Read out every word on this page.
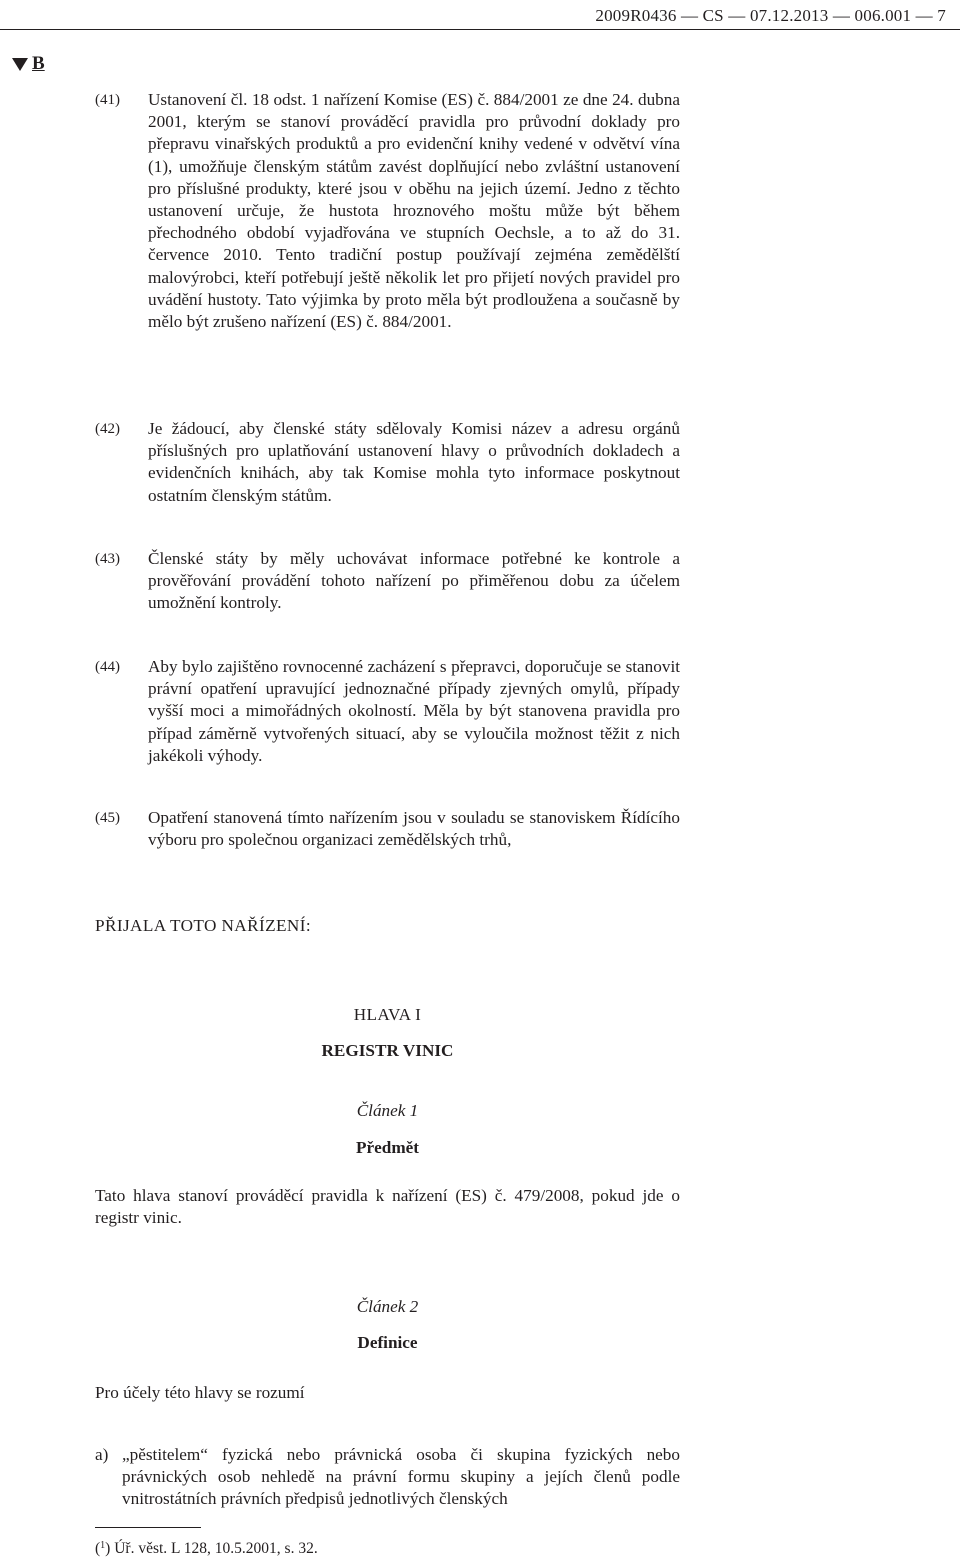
2009R0436 — CS — 07.12.2013 — 006.001 — 7
B
(41)	Ustanovení čl. 18 odst. 1 nařízení Komise (ES) č. 884/2001 ze dne 24. dubna 2001, kterým se stanoví prováděcí pravidla pro průvodní doklady pro přepravu vinařských produktů a pro evidenční knihy vedené v odvětví vína (1), umožňuje členským státům zavést doplňující nebo zvláštní ustanovení pro příslušné produkty, které jsou v oběhu na jejich území. Jedno z těchto ustanovení určuje, že hustota hroznového moštu může být během přechodného období vyjadřována ve stupních Oechsle, a to až do 31. července 2010. Tento tradiční postup používají zejména zemědělští malovýrobci, kteří potřebují ještě několik let pro přijetí nových pravidel pro uvádění hustoty. Tato výjimka by proto měla být prodloužena a současně by mělo být zrušeno nařízení (ES) č. 884/2001.
(42)	Je žádoucí, aby členské státy sdělovaly Komisi název a adresu orgánů příslušných pro uplatňování ustanovení hlavy o průvodních dokladech a evidenčních knihách, aby tak Komise mohla tyto informace poskytnout ostatním členským státům.
(43)	Členské státy by měly uchovávat informace potřebné ke kontrole a prověřování provádění tohoto nařízení po přiměřenou dobu za účelem umožnění kontroly.
(44)	Aby bylo zajištěno rovnocenné zacházení s přepravci, doporučuje se stanovit právní opatření upravující jednoznačné případy zjevných omylů, případy vyšší moci a mimořádných okolností. Měla by být stanovena pravidla pro případ záměrně vytvořených situací, aby se vyloučila možnost těžit z nich jakékoli výhody.
(45)	Opatření stanovená tímto nařízením jsou v souladu se stanoviskem Řídícího výboru pro společnou organizaci zemědělských trhů,
PŘIJALA TOTO NAŘÍZENÍ:
HLAVA I
REGISTR VINIC
Článek 1
Předmět
Tato hlava stanoví prováděcí pravidla k nařízení (ES) č. 479/2008, pokud jde o registr vinic.
Článek 2
Definice
Pro účely této hlavy se rozumí
a) „pěstitelem“ fyzická nebo právnická osoba či skupina fyzických nebo právnických osob nehledě na právní formu skupiny a jejích členů podle vnitrostátních právních předpisů jednotlivých členských
($^1$) Úř. věst. L 128, 10.5.2001, s. 32.
